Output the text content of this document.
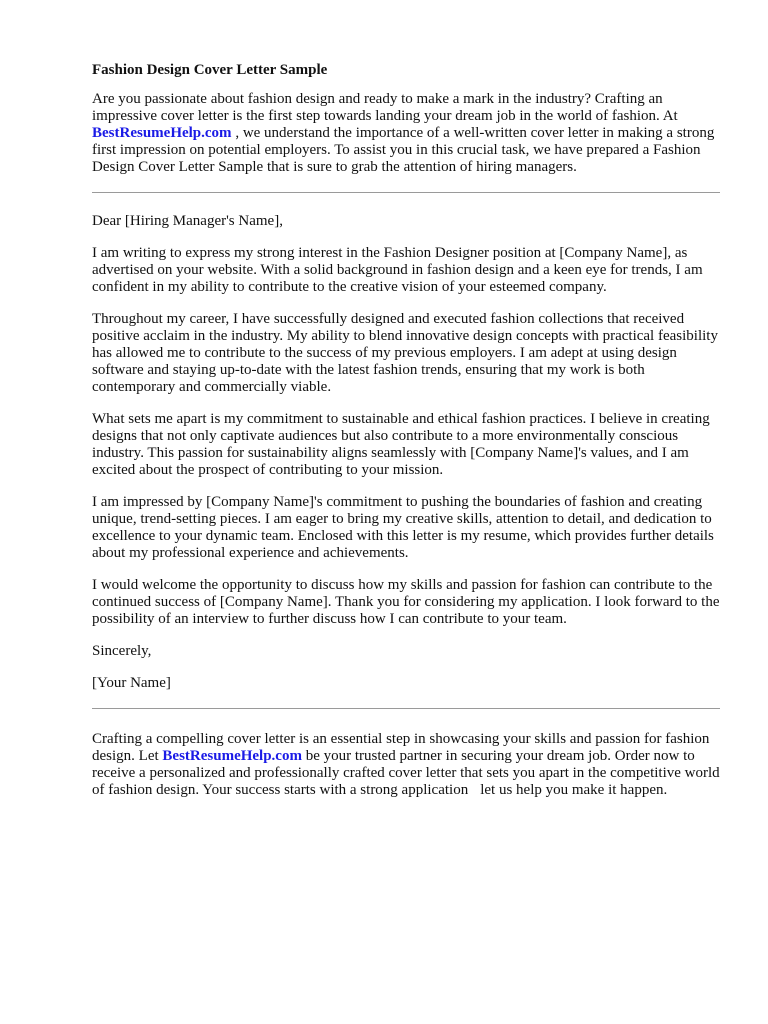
Fashion Design Cover Letter Sample

Are you passionate about fashion design and ready to make a mark in the industry? Crafting an impressive cover letter is the first step towards landing your dream job in the world of fashion. At BestResumeHelp.com , we understand the importance of a well-written cover letter in making a strong first impression on potential employers. To assist you in this crucial task, we have prepared a Fashion Design Cover Letter Sample that is sure to grab the attention of hiring managers.

Dear [Hiring Manager's Name],

I am writing to express my strong interest in the Fashion Designer position at [Company Name], as advertised on your website. With a solid background in fashion design and a keen eye for trends, I am confident in my ability to contribute to the creative vision of your esteemed company.

Throughout my career, I have successfully designed and executed fashion collections that received positive acclaim in the industry. My ability to blend innovative design concepts with practical feasibility has allowed me to contribute to the success of my previous employers. I am adept at using design software and staying up-to-date with the latest fashion trends, ensuring that my work is both contemporary and commercially viable.

What sets me apart is my commitment to sustainable and ethical fashion practices. I believe in creating designs that not only captivate audiences but also contribute to a more environmentally conscious industry. This passion for sustainability aligns seamlessly with [Company Name]'s values, and I am excited about the prospect of contributing to your mission.

I am impressed by [Company Name]'s commitment to pushing the boundaries of fashion and creating unique, trend-setting pieces. I am eager to bring my creative skills, attention to detail, and dedication to excellence to your dynamic team. Enclosed with this letter is my resume, which provides further details about my professional experience and achievements.

I would welcome the opportunity to discuss how my skills and passion for fashion can contribute to the continued success of [Company Name]. Thank you for considering my application. I look forward to the possibility of an interview to further discuss how I can contribute to your team.

Sincerely,

[Your Name]

Crafting a compelling cover letter is an essential step in showcasing your skills and passion for fashion design. Let BestResumeHelp.com be your trusted partner in securing your dream job. Order now to receive a personalized and professionally crafted cover letter that sets you apart in the competitive world of fashion design. Your success starts with a strong application let us help you make it happen.
